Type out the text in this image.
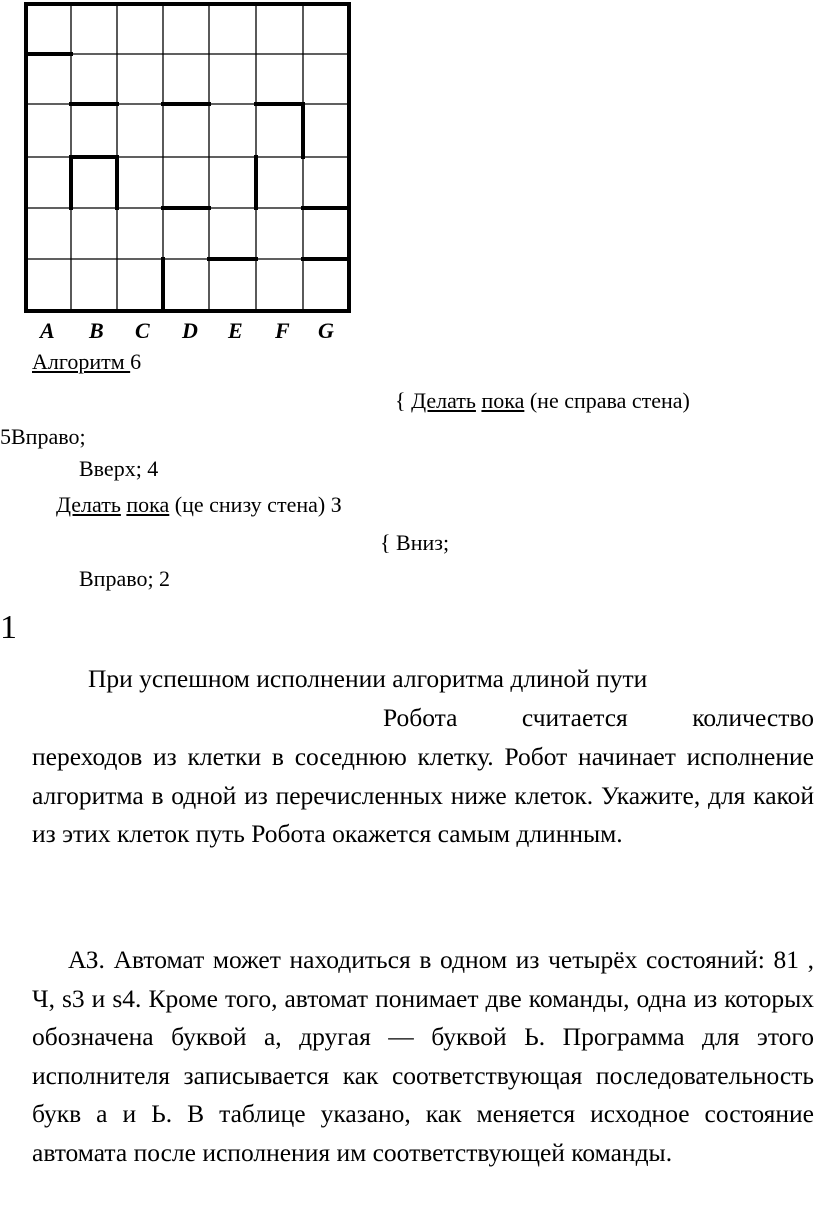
A B C D E F G
Алгоритм 6
{ Делать пока (не справа стена)
5Вправо;
Вверх; 4
Делать пока (це снизу стена) З
{ Вниз;
Вправо; 2
1
При успешном исполнении алгоритма длиной пути
Робота считается количество

переходов из клетки в соседнюю клетку. Робот начинает исполнение алгоритма в одной из перечисленных ниже клеток. Укажите, для какой из этих клеток путь Робота окажется самым длинным.

АЗ. Автомат может находиться в одном из четырёх состояний: 81 , Ч, s3 и s4. Кроме того, автомат понимает две команды, одна из которых обозначена буквой а, другая — буквой Ь. Программа для этого исполнителя записывается как соответствующая последовательность букв а и Ь. В таблице указано, как меняется исходное состояние автомата после исполнения им соответствующей команды.
